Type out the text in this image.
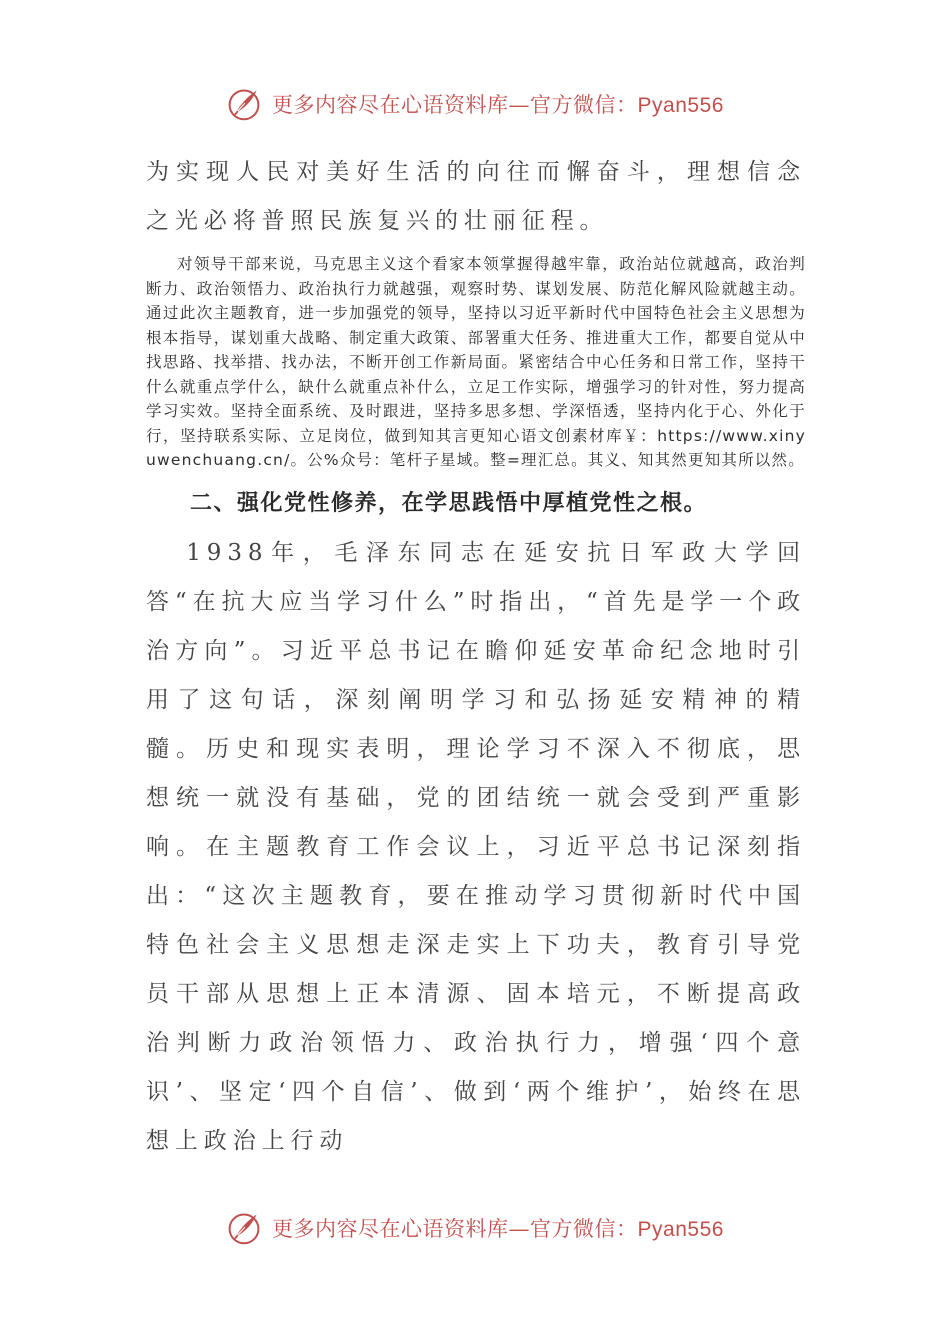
更多内容尽在心语资料库—官方微信：Pyan556

为实现人民对美好生活的向往而懈奋斗，理想信念之光必将普照民族复兴的壮丽征程。

对领导干部来说，马克思主义这个看家本领掌握得越牢靠，政治站位就越高，政治判断力、政治领悟力、政治执行力就越强，观察时势、谋划发展、防范化解风险就越主动。通过此次主题教育，进一步加强党的领导，坚持以习近平新时代中国特色社会主义思想为根本指导，谋划重大战略、制定重大政策、部署重大任务、推进重大工作，都要自觉从中找思路、找举措、找办法，不断开创工作新局面。紧密结合中心任务和日常工作，坚持干什么就重点学什么，缺什么就重点补什么，立足工作实际，增强学习的针对性，努力提高学习实效。坚持全面系统、及时跟进，坚持多思多想、学深悟透，坚持内化于心、外化于行，坚持联系实际、立足岗位，做到知其言更知心语文创素材库￥：https://www.xinyuwenchuang.cn/。公%众号：笔杆子星域。整=理汇总。其义、知其然更知其所以然。

二、强化党性修养，在学思践悟中厚植党性之根。

1938年，毛泽东同志在延安抗日军政大学回答“在抗大应当学习什么”时指出，“首先是学一个政治方向”。习近平总书记在瞻仰延安革命纪念地时引用了这句话，深刻阐明学习和弘扬延安精神的精髓。历史和现实表明，理论学习不深入不彻底，思想统一就没有基础，党的团结统一就会受到严重影响。在主题教育工作会议上，习近平总书记深刻指出：“这次主题教育，要在推动学习贯彻新时代中国特色社会主义思想走深走实上下功夫，教育引导党员干部从思想上正本清源、固本培元，不断提高政治判断力政治领悟力、政治执行力，增强‘四个意识’、坚定‘四个自信’、做到‘两个维护’，始终在思想上政治上行动

更多内容尽在心语资料库—官方微信：Pyan556
